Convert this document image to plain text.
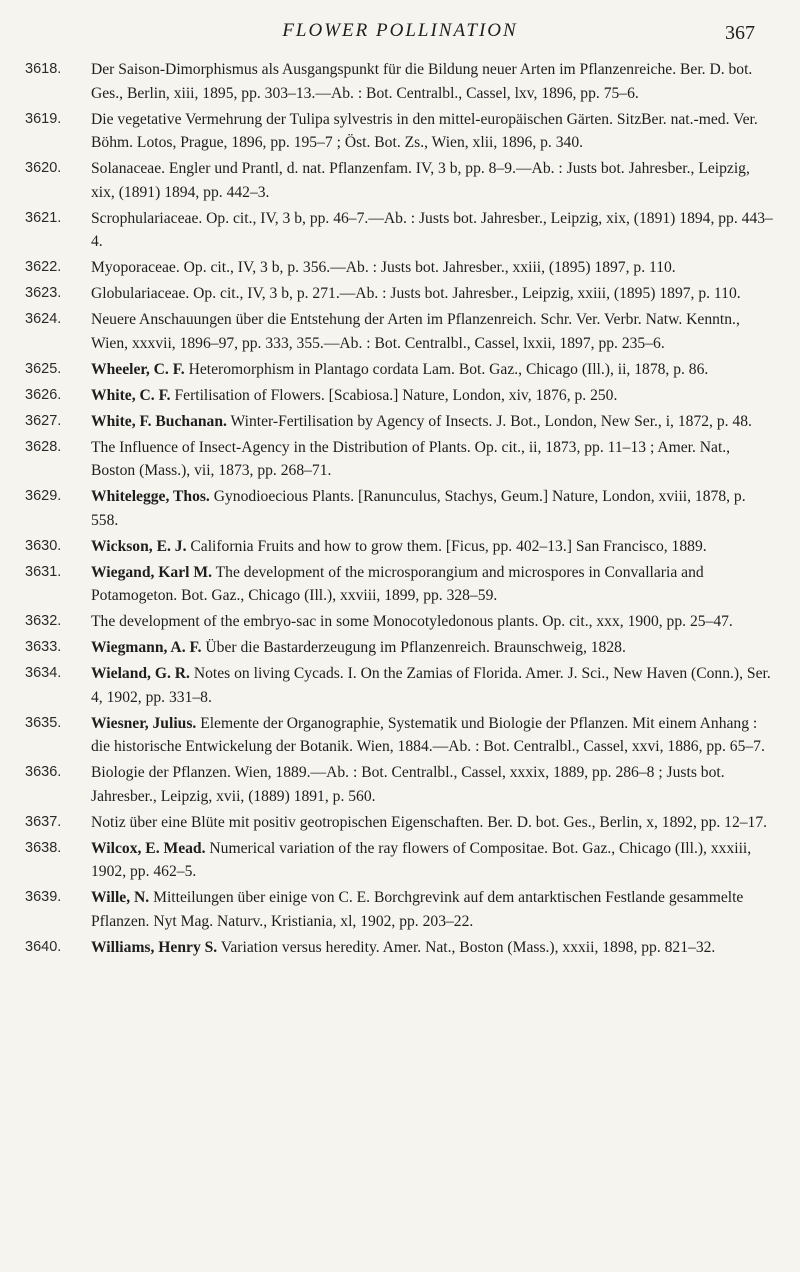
FLOWER POLLINATION	367
3618. Der Saison-Dimorphismus als Ausgangspunkt für die Bildung neuer Arten im Pflanzenreiche. Ber. D. bot. Ges., Berlin, xiii, 1895, pp. 303–13.—Ab. : Bot. Centralbl., Cassel, lxv, 1896, pp. 75–6.
3619. Die vegetative Vermehrung der Tulipa sylvestris in den mittel-europäischen Gärten. SitzBer. nat.-med. Ver. Böhm. Lotos, Prague, 1896, pp. 195–7 ; Öst. Bot. Zs., Wien, xlii, 1896, p. 340.
3620. Solanaceae. Engler und Prantl, d. nat. Pflanzenfam. IV, 3 b, pp. 8–9.—Ab. : Justs bot. Jahresber., Leipzig, xix, (1891) 1894, pp. 442–3.
3621. Scrophulariaceae. Op. cit., IV, 3 b, pp. 46–7.—Ab. : Justs bot. Jahresber., Leipzig, xix, (1891) 1894, pp. 443–4.
3622. Myoporaceae. Op. cit., IV, 3 b, p. 356.—Ab. : Justs bot. Jahresber., xxiii, (1895) 1897, p. 110.
3623. Globulariaceae. Op. cit., IV, 3 b, p. 271.—Ab. : Justs bot. Jahresber., Leipzig, xxiii, (1895) 1897, p. 110.
3624. Neuere Anschauungen über die Entstehung der Arten im Pflanzenreich. Schr. Ver. Verbr. Natw. Kenntn., Wien, xxxvii, 1896–97, pp. 333, 355.—Ab. : Bot. Centralbl., Cassel, lxxii, 1897, pp. 235–6.
3625. Wheeler, C. F. Heteromorphism in Plantago cordata Lam. Bot. Gaz., Chicago (Ill.), ii, 1878, p. 86.
3626. White, C. F. Fertilisation of Flowers. [Scabiosa.] Nature, London, xiv, 1876, p. 250.
3627. White, F. Buchanan. Winter-Fertilisation by Agency of Insects. J. Bot., London, New Ser., i, 1872, p. 48.
3628. The Influence of Insect-Agency in the Distribution of Plants. Op. cit., ii, 1873, pp. 11–13 ; Amer. Nat., Boston (Mass.), vii, 1873, pp. 268–71.
3629. Whitelegge, Thos. Gynodioecious Plants. [Ranunculus, Stachys, Geum.] Nature, London, xviii, 1878, p. 558.
3630. Wickson, E. J. California Fruits and how to grow them. [Ficus, pp. 402–13.] San Francisco, 1889.
3631. Wiegand, Karl M. The development of the microsporangium and microspores in Convallaria and Potamogeton. Bot. Gaz., Chicago (Ill.), xxviii, 1899, pp. 328–59.
3632. The development of the embryo-sac in some Monocotyledonous plants. Op. cit., xxx, 1900, pp. 25–47.
3633. Wiegmann, A. F. Über die Bastarderzeugung im Pflanzenreich. Braunschweig, 1828.
3634. Wieland, G. R. Notes on living Cycads. I. On the Zamias of Florida. Amer. J. Sci., New Haven (Conn.), Ser. 4, 1902, pp. 331–8.
3635. Wiesner, Julius. Elemente der Organographie, Systematik und Biologie der Pflanzen. Mit einem Anhang : die historische Entwickelung der Botanik. Wien, 1884.—Ab. : Bot. Centralbl., Cassel, xxvi, 1886, pp. 65–7.
3636. Biologie der Pflanzen. Wien, 1889.—Ab. : Bot. Centralbl., Cassel, xxxix, 1889, pp. 286–8 ; Justs bot. Jahresber., Leipzig, xvii, (1889) 1891, p. 560.
3637. Notiz über eine Blüte mit positiv geotropischen Eigenschaften. Ber. D. bot. Ges., Berlin, x, 1892, pp. 12–17.
3638. Wilcox, E. Mead. Numerical variation of the ray flowers of Compositae. Bot. Gaz., Chicago (Ill.), xxxiii, 1902, pp. 462–5.
3639. Wille, N. Mitteilungen über einige von C. E. Borchgrevink auf dem antarktischen Festlande gesammelte Pflanzen. Nyt Mag. Naturv., Kristiania, xl, 1902, pp. 203–22.
3640. Williams, Henry S. Variation versus heredity. Amer. Nat., Boston (Mass.), xxxii, 1898, pp. 821–32.
